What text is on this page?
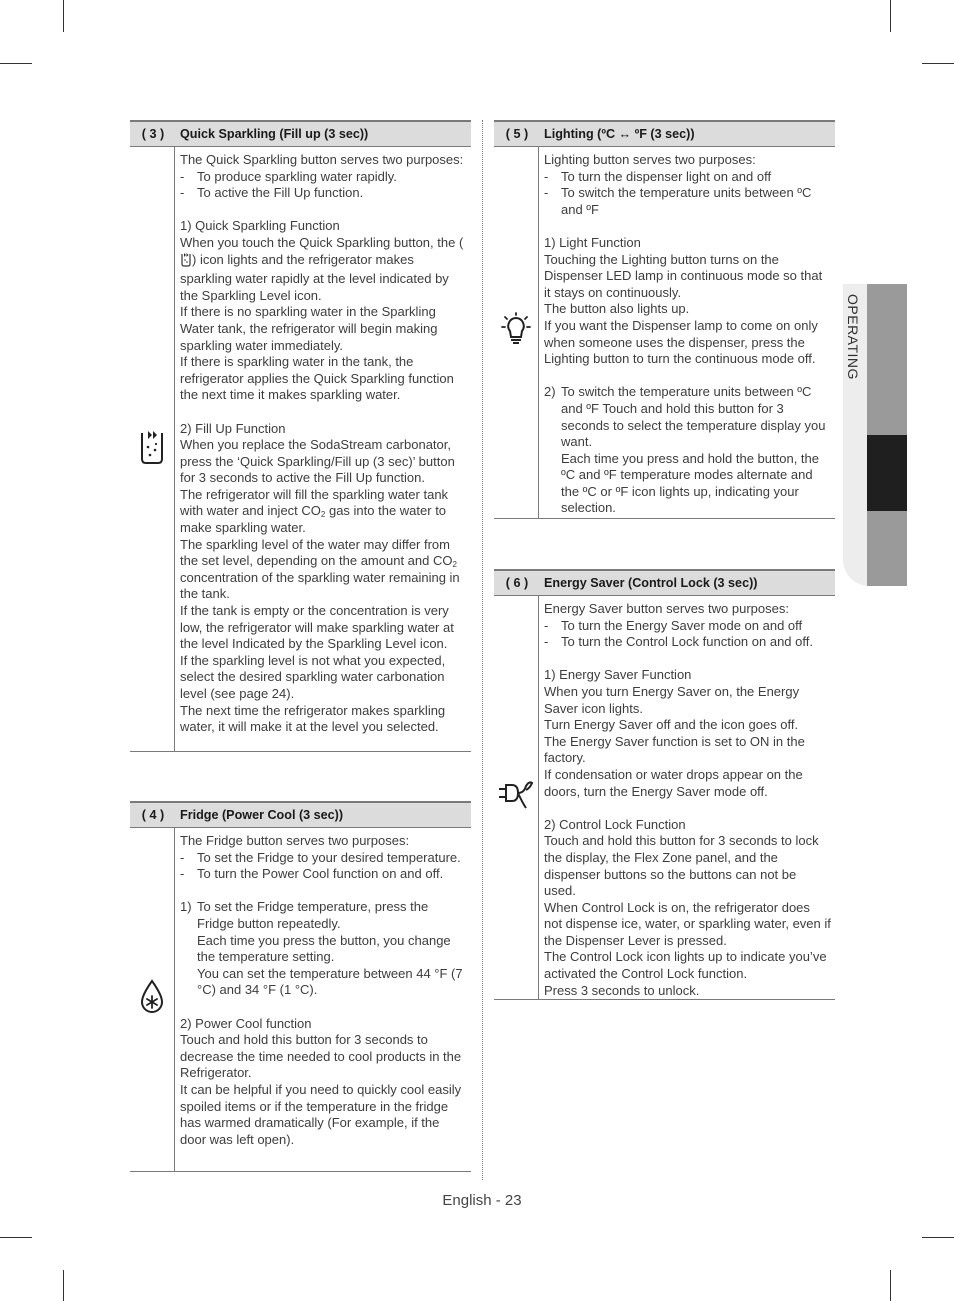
( 3 )	Quick Sparkling (Fill up (3 sec))
The Quick Sparkling button serves two purposes:
- To produce sparkling water rapidly.
- To active the Fill Up function.
1) Quick Sparkling Function
When you touch the Quick Sparkling button, the () icon lights and the refrigerator makes sparkling water rapidly at the level indicated by the Sparkling Level icon.
If there is no sparkling water in the Sparkling Water tank, the refrigerator will begin making sparkling water immediately.
If there is sparkling water in the tank, the refrigerator applies the Quick Sparkling function the next time it makes sparkling water.
2) Fill Up Function
When you replace the SodaStream carbonator, press the ‘Quick Sparkling/Fill up (3 sec)’ button for 3 seconds to active the Fill Up function.
The refrigerator will fill the sparkling water tank with water and inject $CO_2$ gas into the water to make sparkling water.
The sparkling level of the water may differ from the set level, depending on the amount and $CO_2$ concentration of the sparkling water remaining in the tank.
If the tank is empty or the concentration is very low, the refrigerator will make sparkling water at the level Indicated by the Sparkling Level icon.
If the sparkling level is not what you expected, select the desired sparkling water carbonation level (see page 24).
The next time the refrigerator makes sparkling water, it will make it at the level you selected.
( 4 )	Fridge (Power Cool (3 sec))
The Fridge button serves two purposes:
- To set the Fridge to your desired temperature.
- To turn the Power Cool function on and off.
1) To set the Fridge temperature, press the Fridge button repeatedly.
Each time you press the button, you change the temperature setting.
You can set the temperature between 44 °F (7 °C) and 34 °F (1 °C).
2) Power Cool function
Touch and hold this button for 3 seconds to decrease the time needed to cool products in the Refrigerator.
It can be helpful if you need to quickly cool easily spoiled items or if the temperature in the fridge has warmed dramatically (For example, if the door was left open).
( 5 )	Lighting (ºC ↔ ºF (3 sec))
Lighting button serves two purposes:
- To turn the dispenser light on and off
- To switch the temperature units between ºC and ºF
1) Light Function
Touching the Lighting button turns on the Dispenser LED lamp in continuous mode so that it stays on continuously.
The button also lights up.
If you want the Dispenser lamp to come on only when someone uses the dispenser, press the Lighting button to turn the continuous mode off.
2) To switch the temperature units between ºC and ºF Touch and hold this button for 3 seconds to select the temperature display you want.
Each time you press and hold the button, the ºC and ºF temperature modes alternate and the ºC or ºF icon lights up, indicating your selection.
( 6 )	Energy Saver (Control Lock (3 sec))
Energy Saver button serves two purposes:
- To turn the Energy Saver mode on and off
- To turn the Control Lock function on and off.
1) Energy Saver Function
When you turn Energy Saver on, the Energy Saver icon lights.
Turn Energy Saver off and the icon goes off.
The Energy Saver function is set to ON in the factory.
If condensation or water drops appear on the doors, turn the Energy Saver mode off.
2) Control Lock Function
Touch and hold this button for 3 seconds to lock the display, the Flex Zone panel, and the dispenser buttons so the buttons can not be used.
When Control Lock is on, the refrigerator does not dispense ice, water, or sparkling water, even if the Dispenser Lever is pressed.
The Control Lock icon lights up to indicate you’ve activated the Control Lock function.
Press 3 seconds to unlock.
OPERATING
English - 23
